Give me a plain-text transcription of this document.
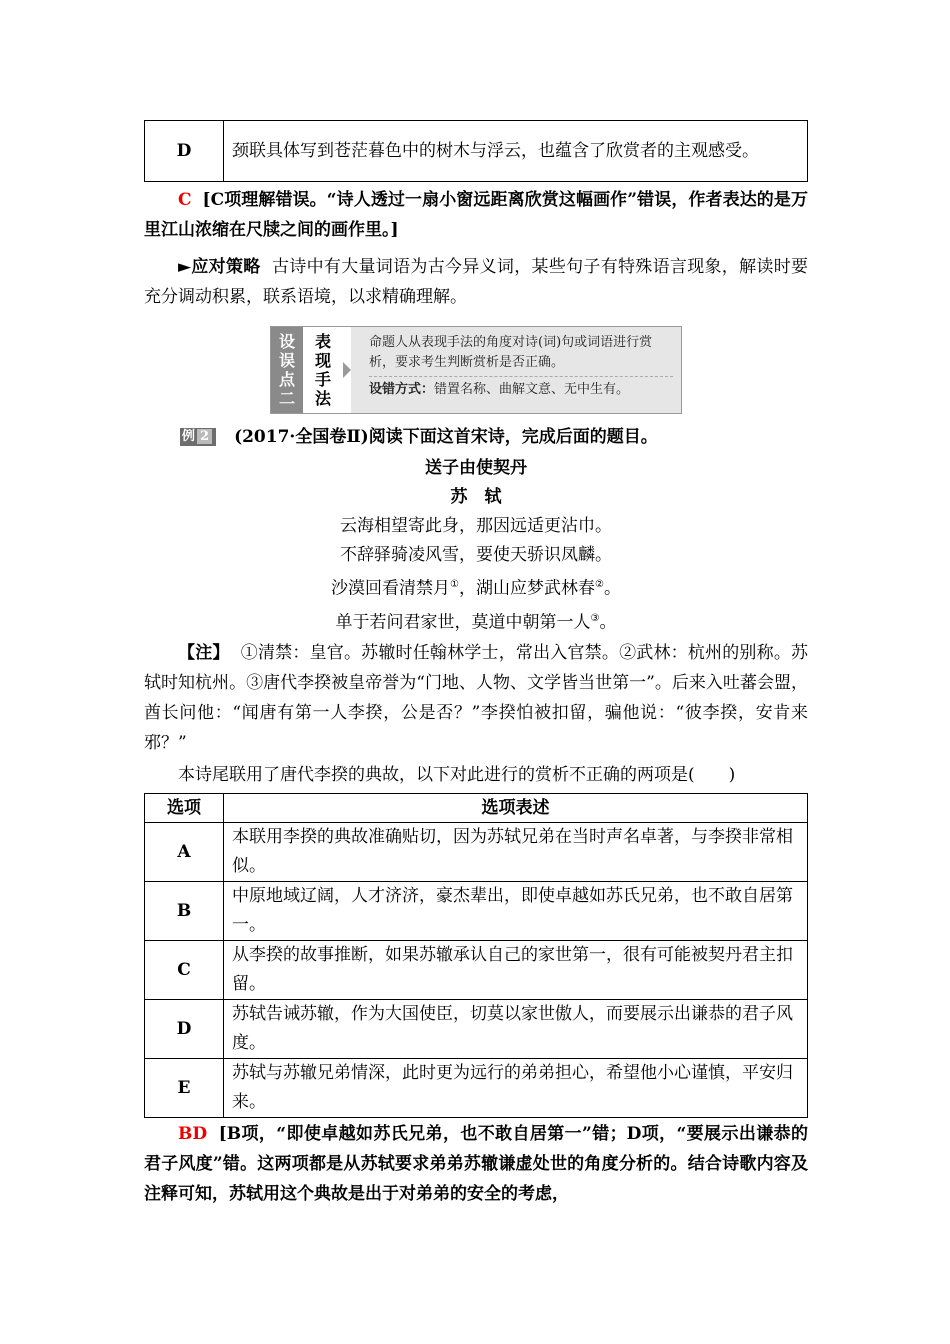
D	颈联具体写到苍茫暮色中的树木与浮云，也蕴含了欣赏者的主观感受。

C [C项理解错误。“诗人透过一扇小窗远距离欣赏这幅画作”错误，作者表达的是万里江山浓缩在尺牍之间的画作里。]

►应对策略 古诗中有大量词语为古今异义词，某些句子有特殊语言现象，解读时要充分调动积累，联系语境，以求精确理解。

设
误
点
二
表
现
手
法
命题人从表现手法的角度对诗(词)句或词语进行赏析，要求考生判断赏析是否正确。
设错方式：错置名称、曲解文意、无中生有。

例 2 (2017·全国卷Ⅱ)阅读下面这首宋诗，完成后面的题目。

送子由使契丹

苏　轼

云海相望寄此身，那因远适更沾巾。

不辞驿骑凌风雪，要使天骄识凤麟。

沙漠回看清禁月①，湖山应梦武林春②。

单于若问君家世，莫道中朝第一人③。

【注】 ①清禁：皇官。苏辙时任翰林学士，常出入官禁。②武林：杭州的别称。苏轼时知杭州。③唐代李揆被皇帝誉为“门地、人物、文学皆当世第一”。后来入吐蕃会盟，酋长问他：“闻唐有第一人李揆，公是否？”李揆怕被扣留，骗他说：“彼李揆，安肯来邪？”

本诗尾联用了唐代李揆的典故，以下对此进行的赏析不正确的两项是(　　)

选项	选项表述
A	本联用李揆的典故准确贴切，因为苏轼兄弟在当时声名卓著，与李揆非常相似。
B	中原地域辽阔，人才济济，豪杰辈出，即使卓越如苏氏兄弟，也不敢自居第一。
C	从李揆的故事推断，如果苏辙承认自己的家世第一，很有可能被契丹君主扣留。
D	苏轼告诫苏辙，作为大国使臣，切莫以家世傲人，而要展示出谦恭的君子风度。
E	苏轼与苏辙兄弟情深，此时更为远行的弟弟担心，希望他小心谨慎，平安归来。

BD [B项，“即使卓越如苏氏兄弟，也不敢自居第一”错；D项，“要展示出谦恭的君子风度”错。这两项都是从苏轼要求弟弟苏辙谦虚处世的角度分析的。结合诗歌内容及注释可知，苏轼用这个典故是出于对弟弟的安全的考虑，
